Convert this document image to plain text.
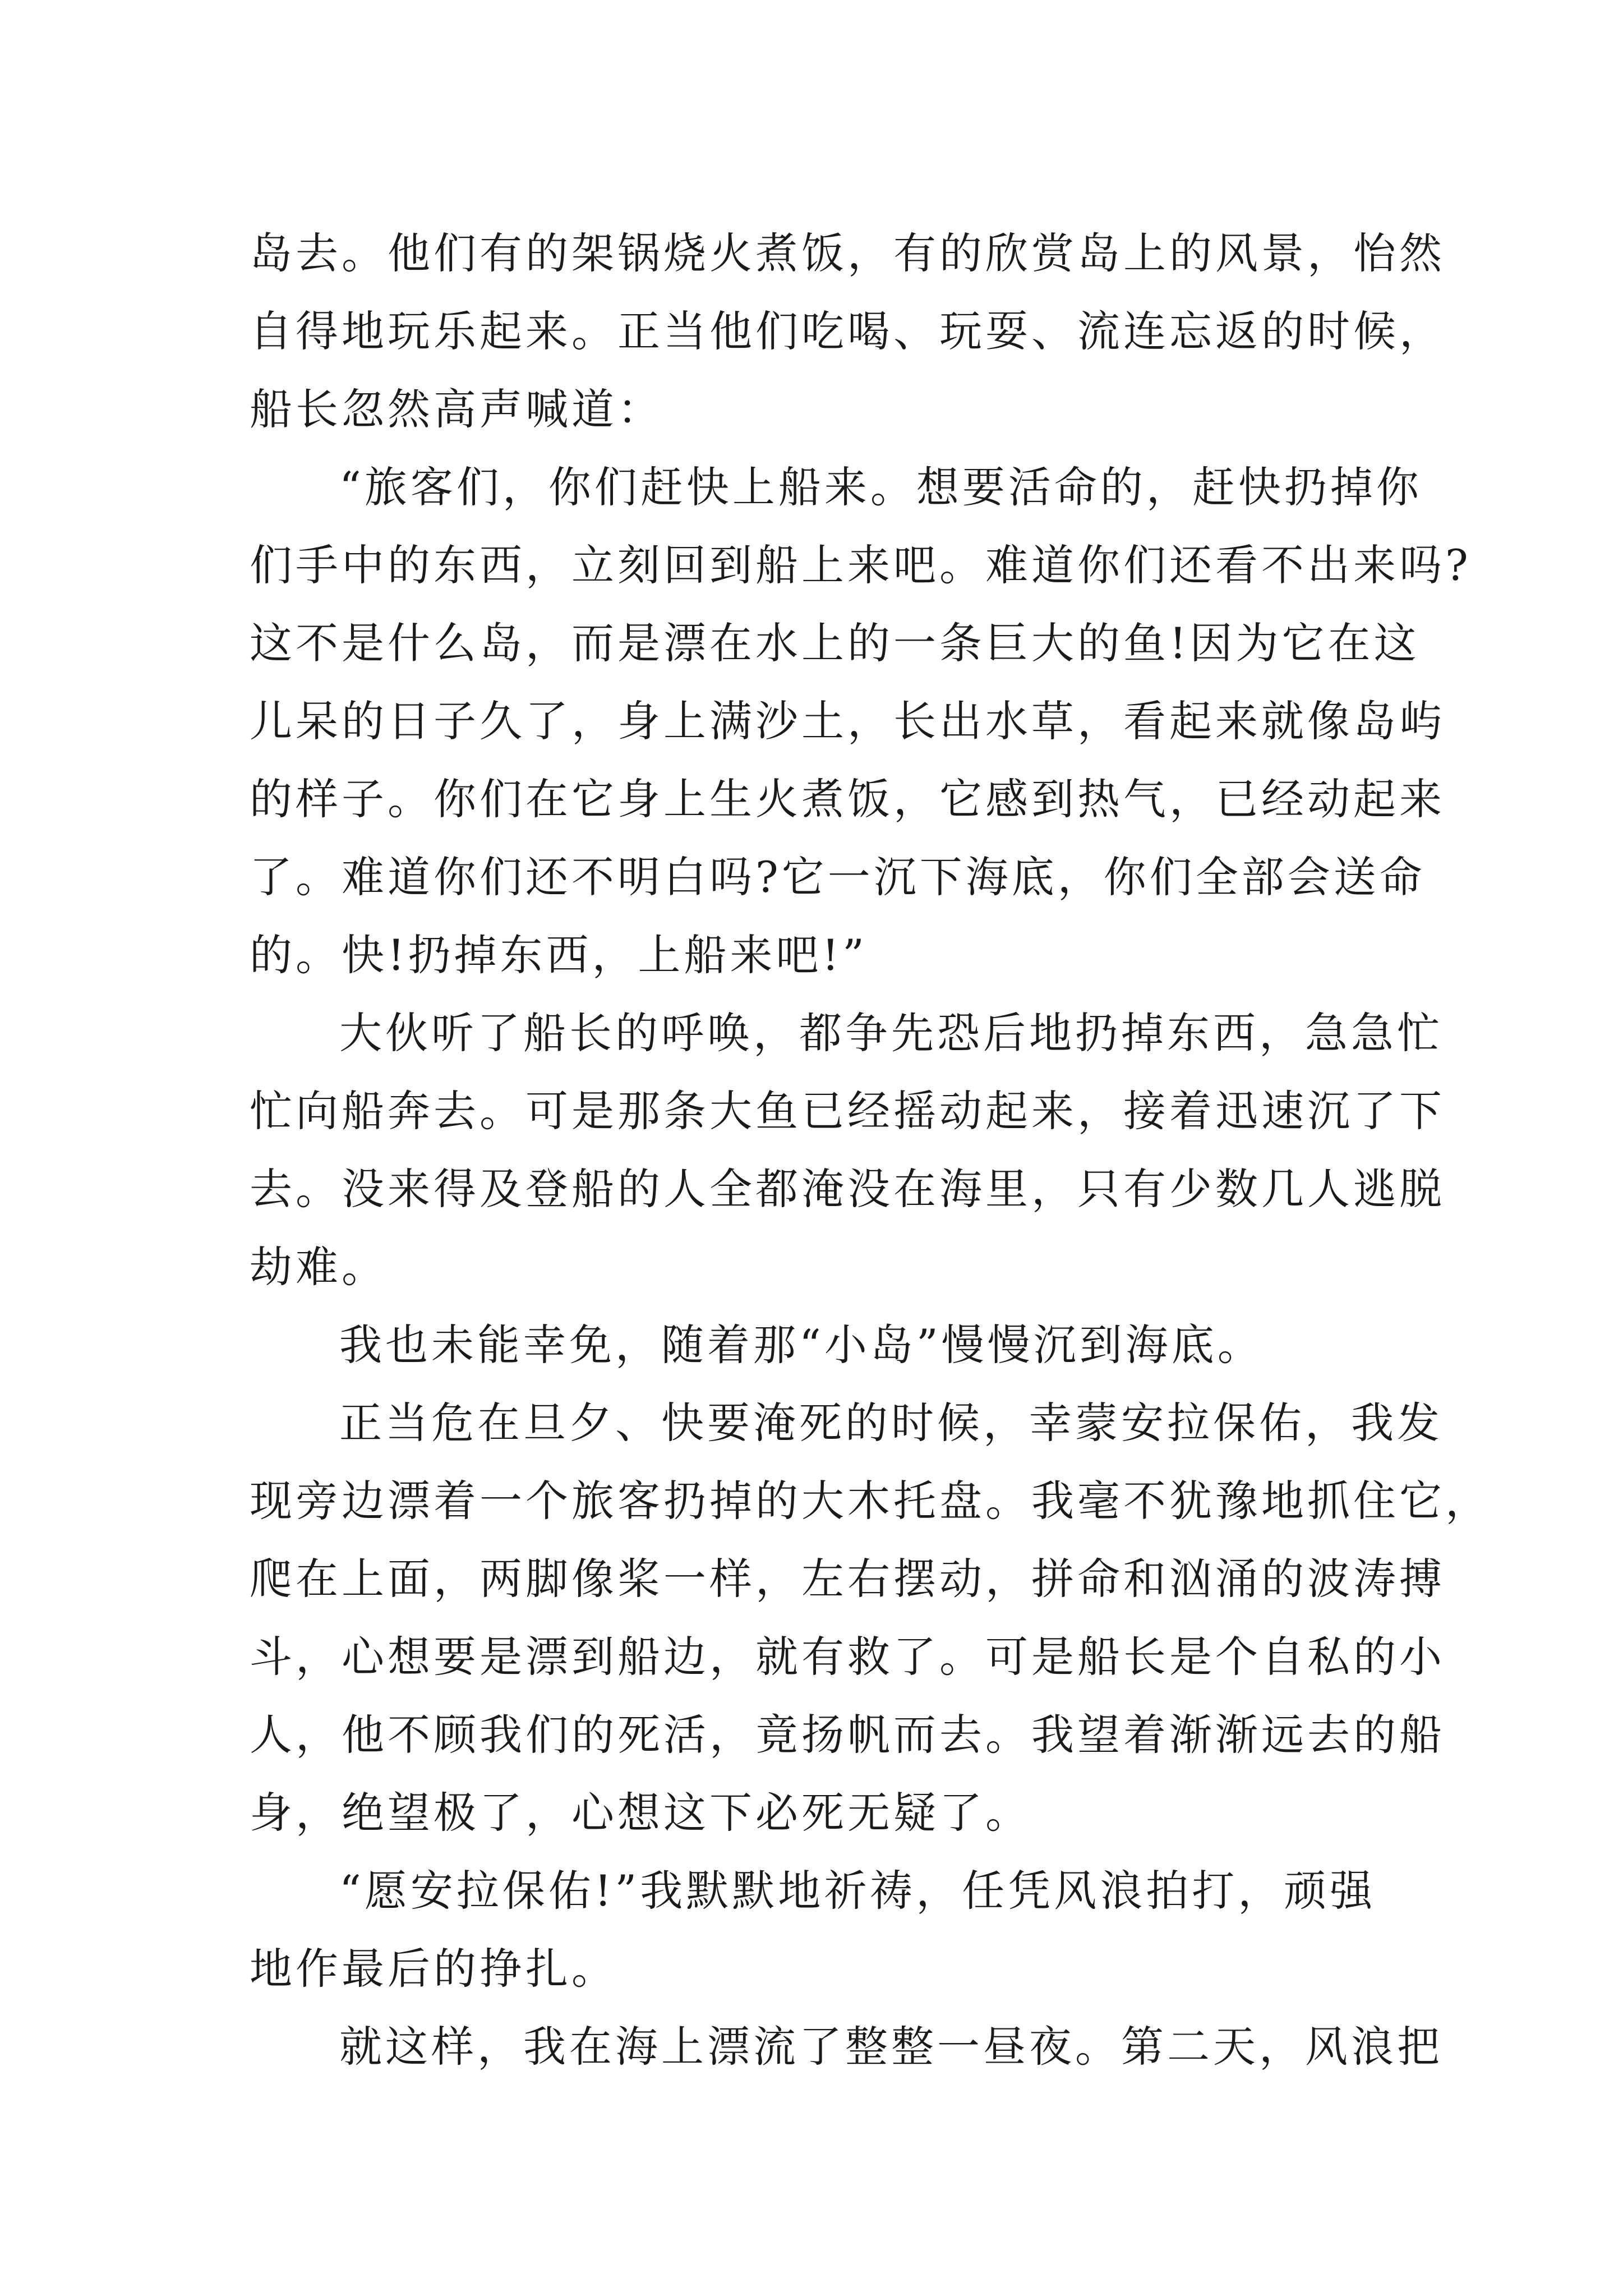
岛去。他们有的架锅烧火煮饭，有的欣赏岛上的风景，怡然
自得地玩乐起来。正当他们吃喝、玩耍、流连忘返的时候，
船长忽然高声喊道：

“旅客们，你们赶快上船来。想要活命的，赶快扔掉你
们手中的东西，立刻回到船上来吧。难道你们还看不出来吗?
这不是什么岛，而是漂在水上的一条巨大的鱼!因为它在这
儿呆的日子久了，身上满沙土，长出水草，看起来就像岛屿
的样子。你们在它身上生火煮饭，它感到热气，已经动起来
了。难道你们还不明白吗?它一沉下海底，你们全部会送命
的。快!扔掉东西，上船来吧!”

大伙听了船长的呼唤，都争先恐后地扔掉东西，急急忙
忙向船奔去。可是那条大鱼已经摇动起来，接着迅速沉了下
去。没来得及登船的人全都淹没在海里，只有少数几人逃脱
劫难。

我也未能幸免，随着那“小岛”慢慢沉到海底。

正当危在旦夕、快要淹死的时候，幸蒙安拉保佑，我发
现旁边漂着一个旅客扔掉的大木托盘。我毫不犹豫地抓住它，
爬在上面，两脚像桨一样，左右摆动，拼命和汹涌的波涛搏
斗，心想要是漂到船边，就有救了。可是船长是个自私的小
人，他不顾我们的死活，竟扬帆而去。我望着渐渐远去的船
身，绝望极了，心想这下必死无疑了。

“愿安拉保佑!”我默默地祈祷，任凭风浪拍打，顽强
地作最后的挣扎。

就这样，我在海上漂流了整整一昼夜。第二天，风浪把
